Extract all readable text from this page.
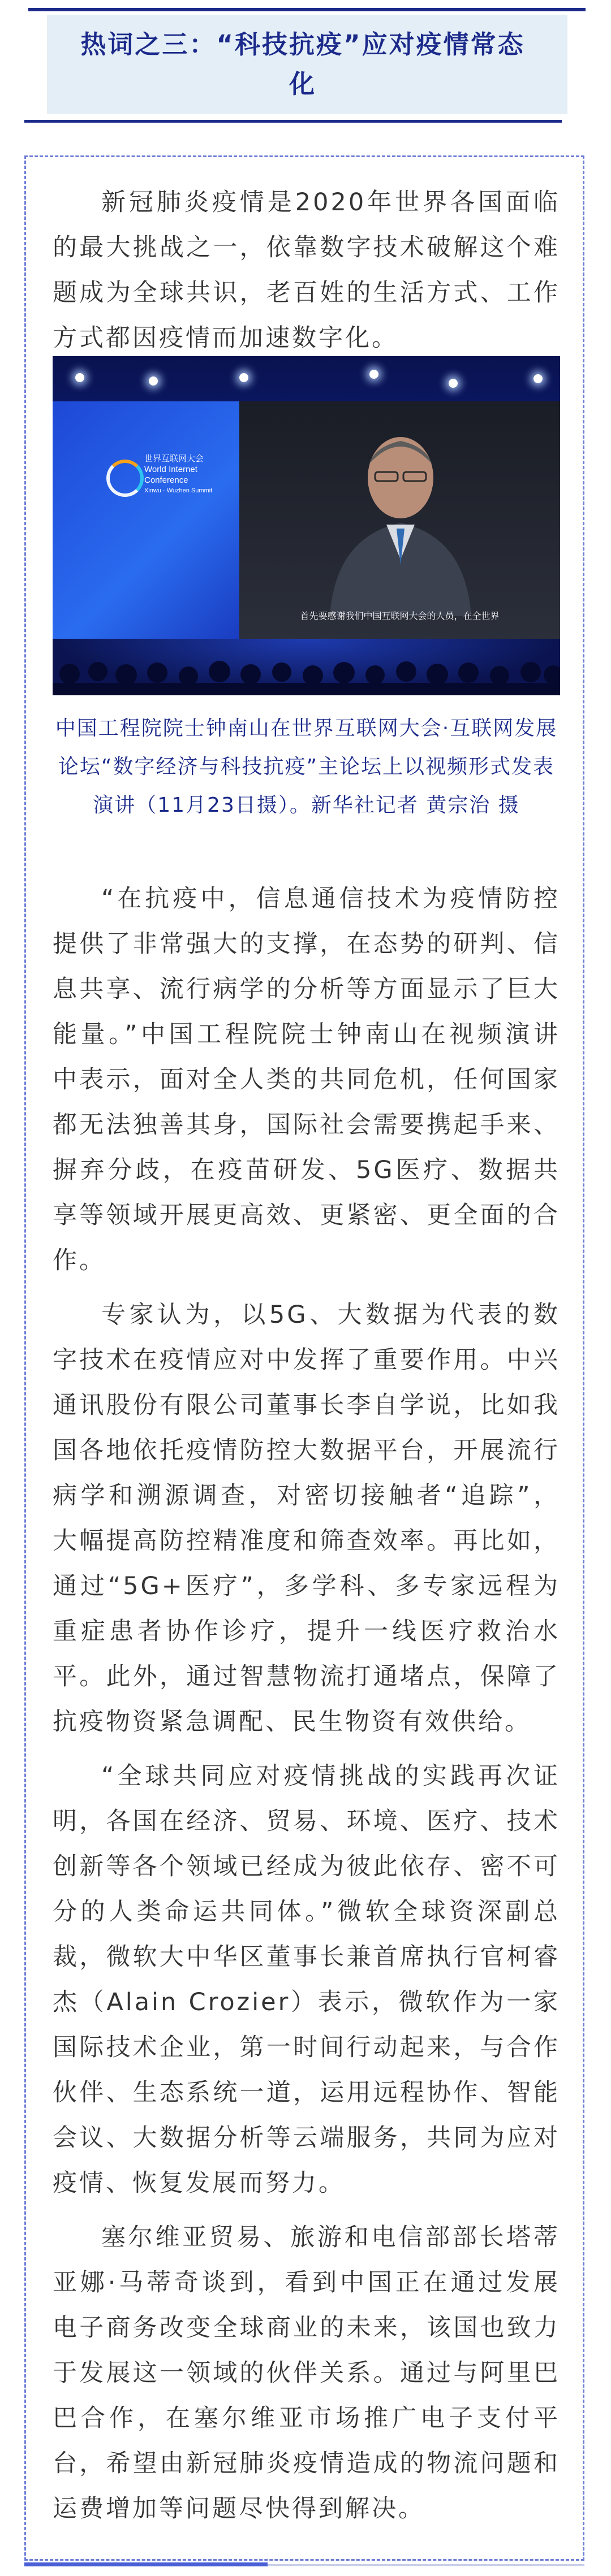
热词之三：“科技抗疫”应对疫情常态化

新冠肺炎疫情是2020年世界各国面临的最大挑战之一，依靠数字技术破解这个难题成为全球共识，老百姓的生活方式、工作方式都因疫情而加速数字化。

世界互联网大会
World Internet
Conference
Xinwu · Wuzhen Summit
首先要感谢我们中国互联网大会的人员，在全世界
中国工程院院士钟南山在世界互联网大会·互联网发展论坛“数字经济与科技抗疫”主论坛上以视频形式发表演讲（11月23日摄）。新华社记者 黄宗治 摄

“在抗疫中，信息通信技术为疫情防控提供了非常强大的支撑，在态势的研判、信息共享、流行病学的分析等方面显示了巨大能量。”中国工程院院士钟南山在视频演讲中表示，面对全人类的共同危机，任何国家都无法独善其身，国际社会需要携起手来、摒弃分歧，在疫苗研发、5G医疗、数据共享等领域开展更高效、更紧密、更全面的合作。

专家认为，以5G、大数据为代表的数字技术在疫情应对中发挥了重要作用。中兴通讯股份有限公司董事长李自学说，比如我国各地依托疫情防控大数据平台，开展流行病学和溯源调查，对密切接触者“追踪”，大幅提高防控精准度和筛查效率。再比如，通过“5G+医疗”，多学科、多专家远程为重症患者协作诊疗，提升一线医疗救治水平。此外，通过智慧物流打通堵点，保障了抗疫物资紧急调配、民生物资有效供给。

“全球共同应对疫情挑战的实践再次证明，各国在经济、贸易、环境、医疗、技术创新等各个领域已经成为彼此依存、密不可分的人类命运共同体。”微软全球资深副总裁，微软大中华区董事长兼首席执行官柯睿杰（Alain Crozier）表示，微软作为一家国际技术企业，第一时间行动起来，与合作伙伴、生态系统一道，运用远程协作、智能会议、大数据分析等云端服务，共同为应对疫情、恢复发展而努力。

塞尔维亚贸易、旅游和电信部部长塔蒂亚娜·马蒂奇谈到，看到中国正在通过发展电子商务改变全球商业的未来，该国也致力于发展这一领域的伙伴关系。通过与阿里巴巴合作，在塞尔维亚市场推广电子支付平台，希望由新冠肺炎疫情造成的物流问题和运费增加等问题尽快得到解决。
